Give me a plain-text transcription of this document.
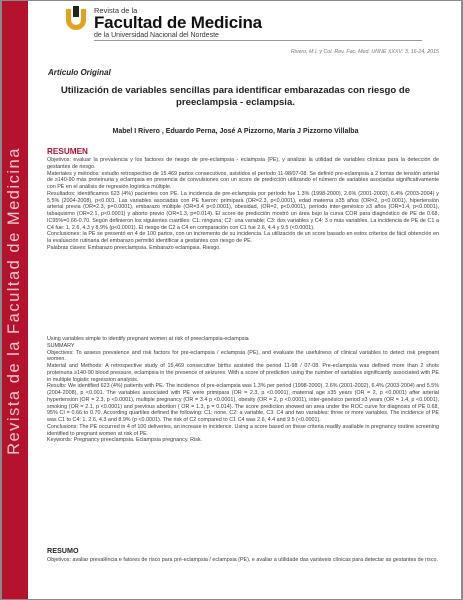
Revista de la Facultad de Medicina
Revista de la
Facultad de Medicina
de la Universidad Nacional del Nordeste
Rivero, M.I. y Col. Rev. Fac. Med. UNNE XXXV: 3, 16-24, 2015
Artículo Original
Utilización de variables sencillas para identificar embarazadas con riesgo de preeclampsia - eclampsia.
Mabel I Rivero , Eduardo Perna, José A Pizzorno, María J Pizzorno Villalba
RESUMEN

Objetivos: evaluar la prevalencia y los factores de riesgo de pre-eclampsia - eclampsia (PE), y analizar la utilidad de variables clínicas para la detección de gestantes de riesgo.

Materiales y métodos: estudio retrospectivo de 15.469 partos consecutivos, asistidos el período 11-98/07-08. Se definió pre-eclampsia a 2 tomas de tensión arterial de ≥140-90 más proteinuria y eclampsia en presencia de convulsiones con un score de predicción utilizando el número de variables asociadas significativamente con PE en el análisis de regresión logística múltiple.

Resultados: identificamos 623 (4%) pacientes con PE. La incidencia de pre-eclampsia por período fue 1.3% (1998-2000), 2.6% (2001-2002), 6.4% (2003-2004) y 5.5% (2004-2008), p<0.001. Las variables asociadas con PE fueron: primípara (OR=2.3, p<0.0001), edad materna ≥35 años (OR=2, p<0.0001), hipertensión arterial previa (OR=2.3, p=0.0001), embarazo múltiple (OR=3.4 p<0.0001), obesidad, (OR=2, p<0.0001), período inter-genésico ≥3 años (OR=1.4, p<0.0001), tabaquismo (OR=2.1, p<0.0001) y aborto previo (OR=1.3, p=0.014). El score de predicción mostró un área bajo la curva COR para diagnóstico de PE de 0.68, IC95%=0.66-0.70. Según definieron los siguientes cuartiles: C1: ninguna; C2: una variable; C3: dos variables y C4: 3 o más variables. La incidencia de PE de C1 a C4 fue: 1, 2.6, 4.3 y 8.9% (p<0.0001). El riesgo de C2 a C4 en comparación con C1 fue 2.6, 4.4 y 9.5 (<0.0001).

Conclusiones: la PE se presentó en 4 de 100 partos, con un incremento de su incidencia. La utilización de un score basado en estos criterios de fácil obtención en la evaluación rutinaria del embarazo permitió identificar a gestantes con riesgo de PE.

Palabras claves: Embarazo preeclampsia. Embarazo eclampsia. Riesgo.

Using variables simple to identify pregnant women at risk of preeclampsia-eclampsia

SUMMARY

Objectives: To assess prevalence and risk factors for pre-eclampsia / eclampsia (PE), and evaluate the usefulness of clinical variables to detect risk pregnant women.

Material and Methods: A retrospective study of 15,469 consecutive births assisted the period 11-98 / 07-08. Pre-eclampsia was defined more than 2 shots proteinuria ≥140-90 blood pressure, eclampsia in the presence of seizures. With a score of prediction using the number of variables significantly associated with PE in multiple logistic regression analysis.

Results: We identified 623 (4%) patients with PE. The incidence of pre-eclampsia was 1.3% per period (1998-2000), 2.6% (2001-2002), 6.4% (2003-2004) and 5.5% (2004-2008), p <0.001. The variables associated with PE were primipara (OR = 2.3, p <0.0001), maternal age ≥35 years (OR = 2, p <0.0001) after arterial hypertension (OR = 2.3, p <0.0001), multiple pregnancy (OR = 3.4 p <0.0001), obesity (OR = 2, p <0.0001), inter-genésico period ≥3 years (OR = 1.4, p <0.0001), smoking (OR = 2.1, p <0.0001) and previous abortion ( OR = 1.3, p = 0.014). The score prediction showed an area under the ROC curve for diagnosis of PE 0.68, 95% CI = 0.66 to 0.70. According quartiles defined the following: C1: none, C2: a variable, C3: C4 and two variables: three or more variables. The incidence of PE was C1 to C4: 1, 2.6, 4.3 and 8.9% (p <0.0001). The risk of C2 compared to C1 C4 was 2.6, 4.4 and 9.5 (<0.0001).

Conclusions: The PE occurred in 4 of 100 deliveries, an increase in incidence. Using a score based on these criteria readily available in pregnancy routine screening identified to pregnant women at risk of PE.

Keywords: Pregnancy preeclampsia. Eclampsia pregnancy. Risk.

RESUMO

Objetivos: avaliar prevalência e fatores de risco para pré-eclampsia / eclampsia (PE), e avaliar a utilidade das variáveis clínicas para detectar as gestantes de risco.
